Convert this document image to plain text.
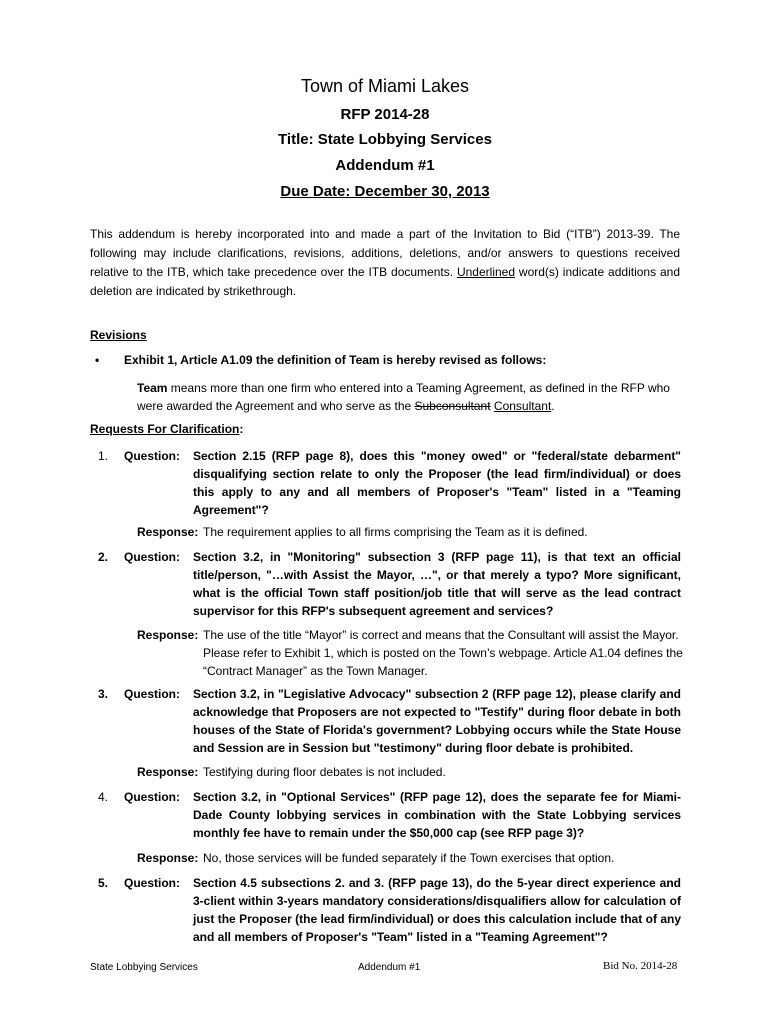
Town of Miami Lakes
RFP 2014-28
Title: State Lobbying Services
Addendum #1
Due Date: December 30, 2013
This addendum is hereby incorporated into and made a part of the Invitation to Bid (“ITB”) 2013-39. The following may include clarifications, revisions, additions, deletions, and/or answers to questions received relative to the ITB, which take precedence over the ITB documents. Underlined word(s) indicate additions and deletion are indicated by strikethrough.
Revisions
• Exhibit 1, Article A1.09 the definition of Team is hereby revised as follows:
Team means more than one firm who entered into a Teaming Agreement, as defined in the RFP who were awarded the Agreement and who serve as the Subconsultant Consultant.
Requests For Clarification:
1. Question: Section 2.15 (RFP page 8), does this "money owed" or "federal/state debarment" disqualifying section relate to only the Proposer (the lead firm/individual) or does this apply to any and all members of Proposer's "Team" listed in a "Teaming Agreement"?
Response: The requirement applies to all firms comprising the Team as it is defined.
2. Question: Section 3.2, in "Monitoring" subsection 3 (RFP page 11), is that text an official title/person, "…with Assist the Mayor, …", or that merely a typo? More significant, what is the official Town staff position/job title that will serve as the lead contract supervisor for this RFP's subsequent agreement and services?
Response: The use of the title “Mayor” is correct and means that the Consultant will assist the Mayor. Please refer to Exhibit 1, which is posted on the Town’s webpage. Article A1.04 defines the “Contract Manager” as the Town Manager.
3. Question: Section 3.2, in "Legislative Advocacy" subsection 2 (RFP page 12), please clarify and acknowledge that Proposers are not expected to "Testify" during floor debate in both houses of the State of Florida's government? Lobbying occurs while the State House and Session are in Session but "testimony" during floor debate is prohibited.
Response: Testifying during floor debates is not included.
4. Question: Section 3.2, in "Optional Services" (RFP page 12), does the separate fee for Miami-Dade County lobbying services in combination with the State Lobbying services monthly fee have to remain under the $50,000 cap (see RFP page 3)?
Response: No, those services will be funded separately if the Town exercises that option.
5. Question: Section 4.5 subsections 2. and 3. (RFP page 13), do the 5-year direct experience and 3-client within 3-years mandatory considerations/disqualifiers allow for calculation of just the Proposer (the lead firm/individual) or does this calculation include that of any and all members of Proposer's "Team" listed in a "Teaming Agreement"?
State Lobbying Services	Addendum #1	Bid No. 2014-28
